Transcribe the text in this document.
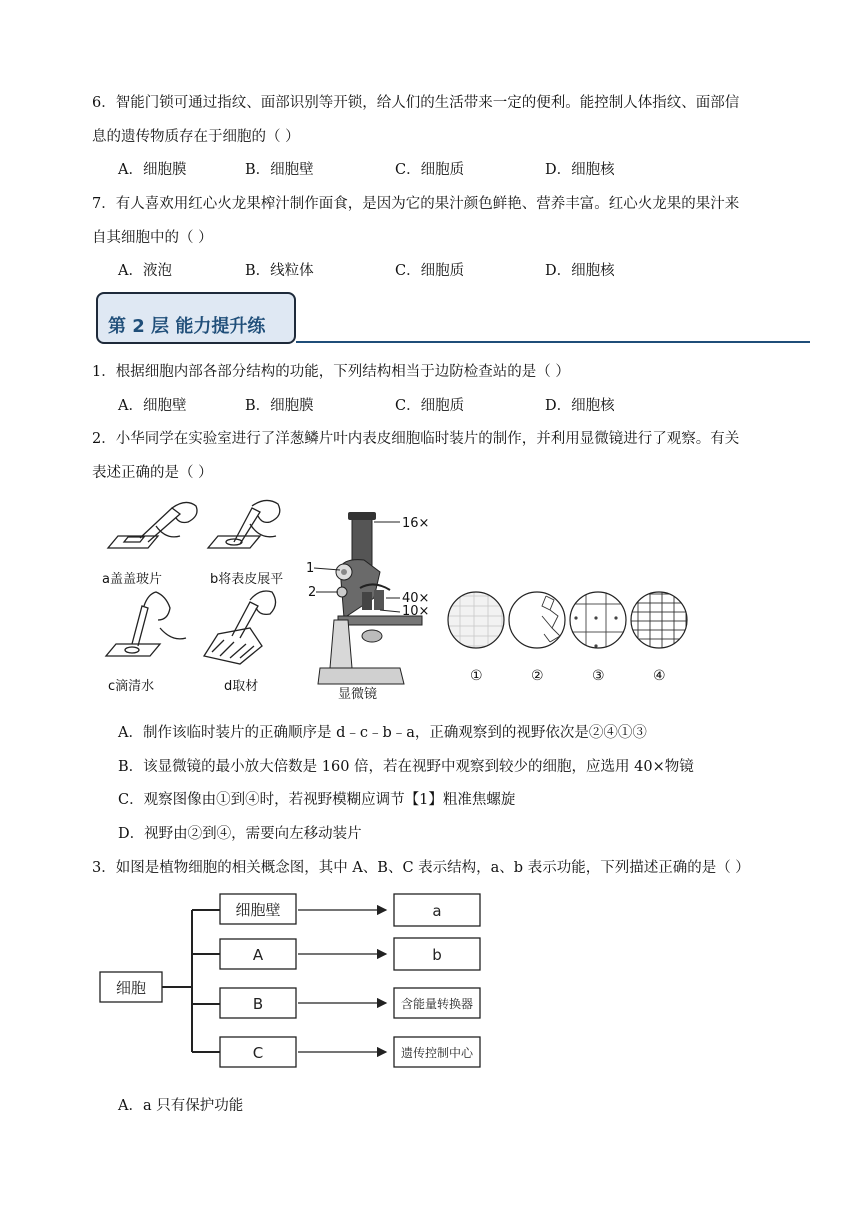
6．智能门锁可通过指纹、面部识别等开锁，给人们的生活带来一定的便利。能控制人体指纹、面部信
息的遗传物质存在于细胞的（ ）
A．细胞膜	B．细胞壁	C．细胞质	D．细胞核
7．有人喜欢用红心火龙果榨汁制作面食，是因为它的果汁颜色鲜艳、营养丰富。红心火龙果的果汁来
自其细胞中的（ ）
A．液泡	B．线粒体	C．细胞质	D．细胞核
第 2 层 能力提升练
1．根据细胞内部各部分结构的功能，下列结构相当于边防检查站的是（ ）
A．细胞壁	B．细胞膜	C．细胞质	D．细胞核
2．小华同学在实验室进行了洋葱鳞片叶内表皮细胞临时装片的制作，并利用显微镜进行了观察。有关
表述正确的是（ ）
a盖盖玻片	b将表皮展平
c滴清水	d取材
16×
1
2	40×
10×
显微镜
①	②	③	④
A．制作该临时装片的正确顺序是 d﹣c﹣b﹣a，正确观察到的视野依次是②④①③
B．该显微镜的最小放大倍数是 160 倍，若在视野中观察到较少的细胞，应选用 40×物镜
C．观察图像由①到④时，若视野模糊应调节【1】粗准焦螺旋
D．视野由②到④，需要向左移动装片
3．如图是植物细胞的相关概念图，其中 A、B、C 表示结构，a、b 表示功能，下列描述正确的是（ ）
细胞
细胞壁
A
B
C
a
b
含能量转换器
遗传控制中心
A．a 只有保护功能
